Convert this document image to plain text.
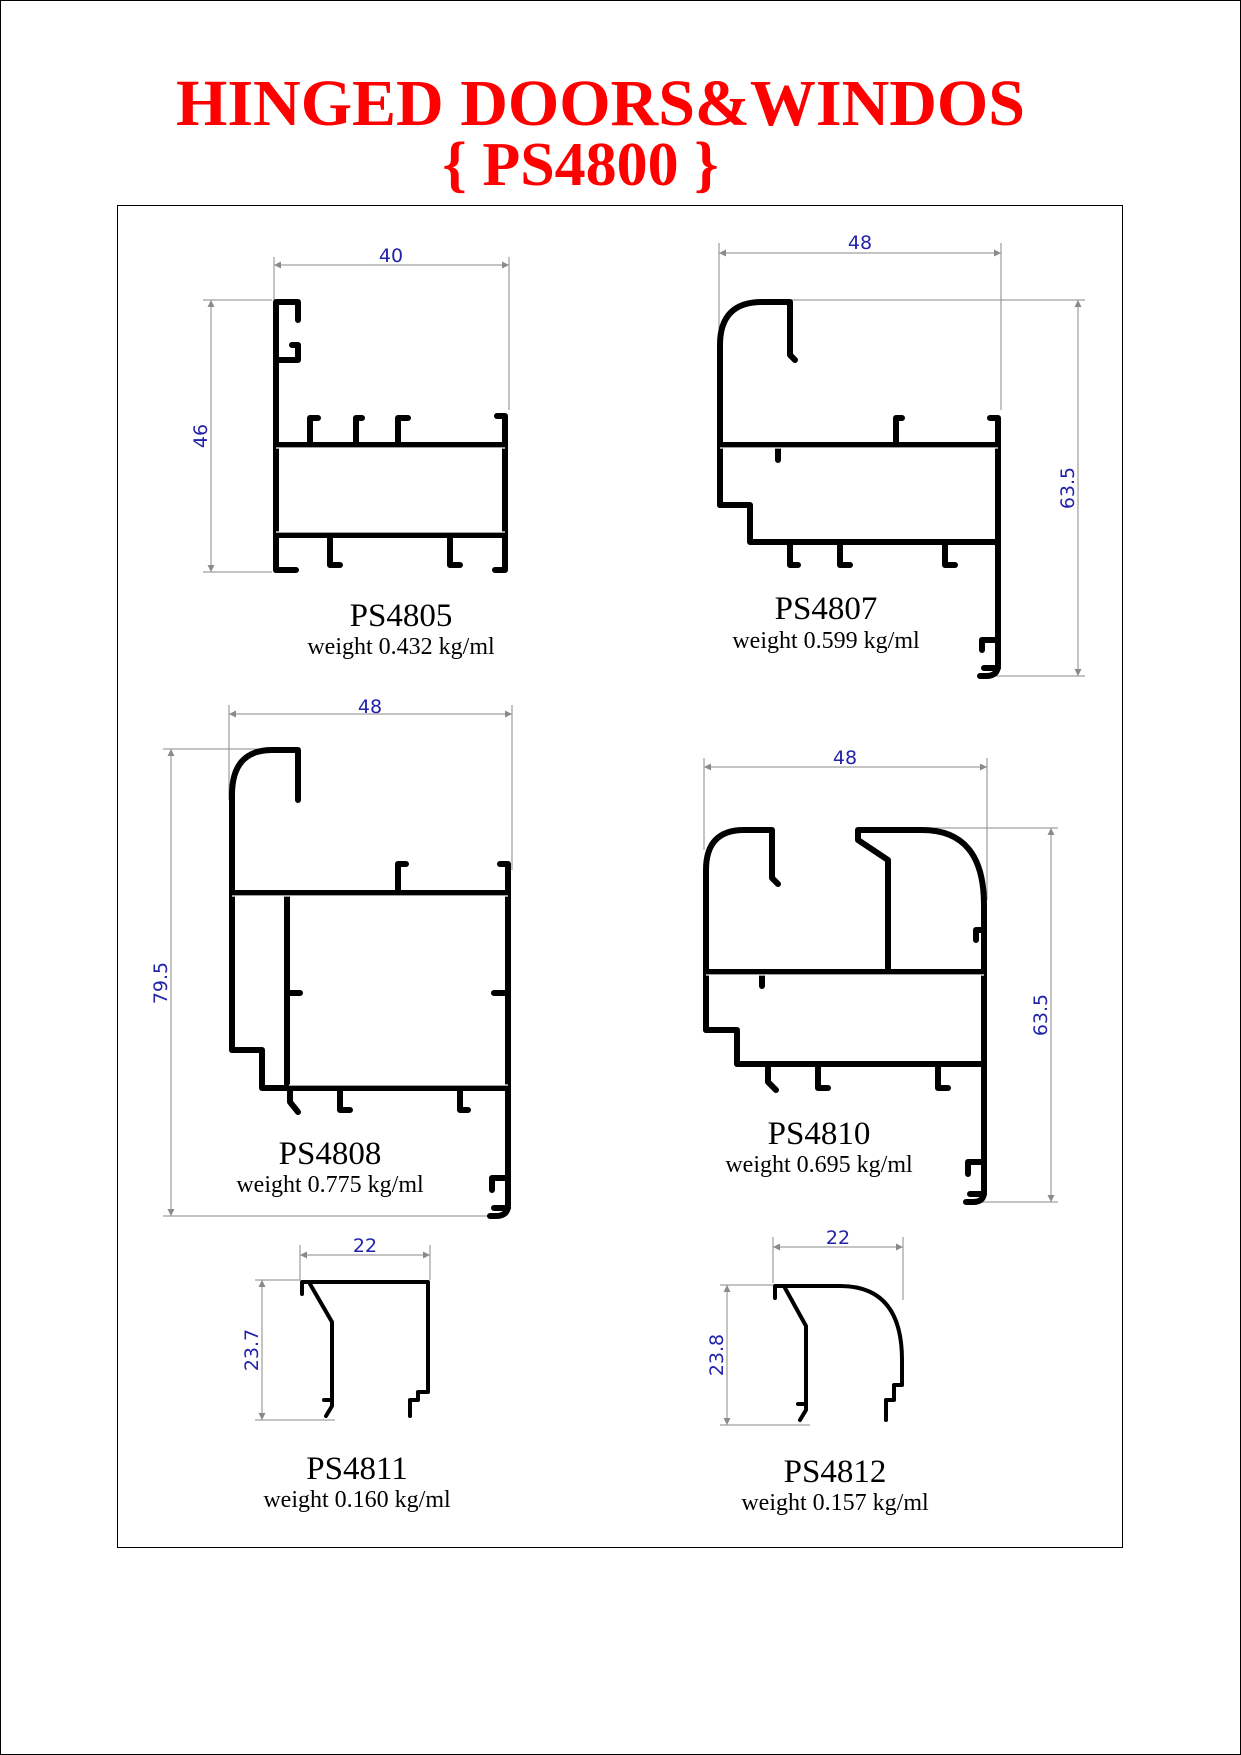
HINGED DOORS&WINDOS
{ PS4800 }
40
46
PS4805
weight 0.432 kg/ml
48
63.5
PS4807
weight 0.599 kg/ml
48
79.5
PS4808
weight 0.775 kg/ml
48
63.5
PS4810
weight 0.695 kg/ml
22
23.7
PS4811
weight 0.160 kg/ml
22
23.8
PS4812
weight 0.157 kg/ml
